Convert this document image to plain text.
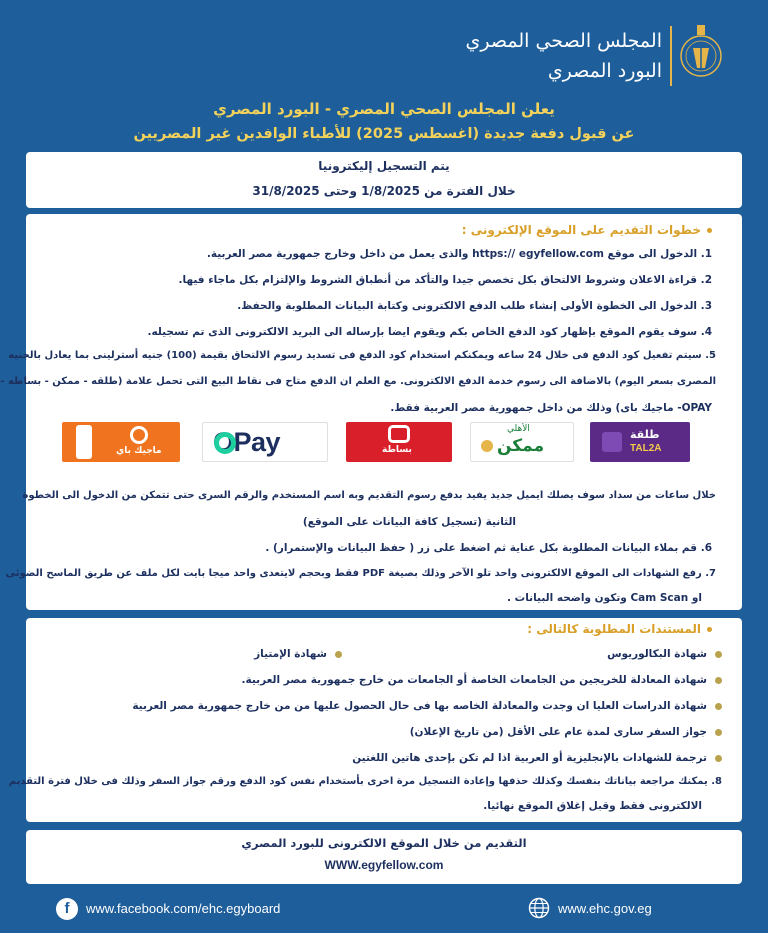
المجلس الصحي المصري
البورد المصري
يعلن المجلس الصحي المصري - البورد المصري
عن قبول دفعة جديدة (اغسطس 2025) للأطباء الوافدين غير المصريين
يتم التسجيل إليكترونيا
خلال الفترة من 1/8/2025 وحتى 31/8/2025
خطوات التقديم على الموقع الإلكترونى :
1. الدخول الى موقع https:// egyfellow.com والذى يعمل من داخل وخارج جمهورية مصر العربية.
2. قراءة الاعلان وشروط الالتحاق بكل تخصص جيدا والتأكد من أنطباق الشروط والإلتزام بكل ماجاء فيها.
3. الدخول الى الخطوة الأولى إنشاء طلب الدفع الالكترونى وكتابة البيانات المطلوبة والحفظ.
4. سوف يقوم الموقع بإظهار كود الدفع الخاص بكم ويقوم ايضا بإرساله الى البريد الالكترونى الذى تم تسجيله.
5. سيتم تفعيل كود الدفع فى خلال 24 ساعه ويمكنكم استخدام كود الدفع فى تسديد رسوم الالتحاق بقيمة (100) جنيه أسترلينى بما يعادل بالجنيه
المصرى بسعر اليوم) بالاضافة الى رسوم خدمة الدفع الالكترونى. مع العلم ان الدفع متاح فى نقاط البيع التى تحمل علامة (طلقه - ممكن - بساطه -
OPAY- ماجيك باى) وذلك من داخل جمهورية مصر العربية فقط.
طلقة
TAL2A
الأهلي
ممكن
بساطة
OPay
ماجيك باي
خلال ساعات من سداد سوف يصلك ايميل جديد يفيد بدفع رسوم التقديم وبه اسم المستخدم والرقم السرى حتى تتمكن من الدخول الى الخطوة
الثانية (تسجيل كافة البيانات على الموقع)
6. قم بملاء البيانات المطلوبة بكل عناية ثم اضغط على زر ( حفظ البيانات والإستمرار) .
7. رفع الشهادات الى الموقع الالكترونى واحد تلو الآخر وذلك بصيغة PDF فقط وبحجم لايتعدى واحد ميجا بايت لكل ملف عن طريق الماسح الضوئى
او Cam Scan وتكون واضحه البيانات .
المستندات المطلوبة كالتالى :
شهادة البكالوريوس
شهادة الإمتياز
شهادة المعادلة للخريجين من الجامعات الخاصة أو الجامعات من خارج جمهورية مصر العربية.
شهادة الدراسات العليا ان وجدت والمعادلة الخاصه بها فى حال الحصول عليها من من خارج جمهورية مصر العربية
جواز السفر سارى لمدة عام على الأقل (من تاريخ الإعلان)
ترجمة للشهادات بالإنجليزية أو العربية اذا لم تكن بإحدى هاتين اللغتين
8. يمكنك مراجعة بياناتك بنفسك وكذلك حذفها وإعادة التسجيل مرة اخرى بأستخدام نفس كود الدفع ورقم جواز السفر وذلك فى خلال فترة التقديم
الالكترونى فقط وقبل إغلاق الموقع نهائيا.
التقديم من خلال الموقع الالكترونى للبورد المصري
WWW.egyfellow.com
f	www.facebook.com/ehc.egyboard	www.ehc.gov.eg
